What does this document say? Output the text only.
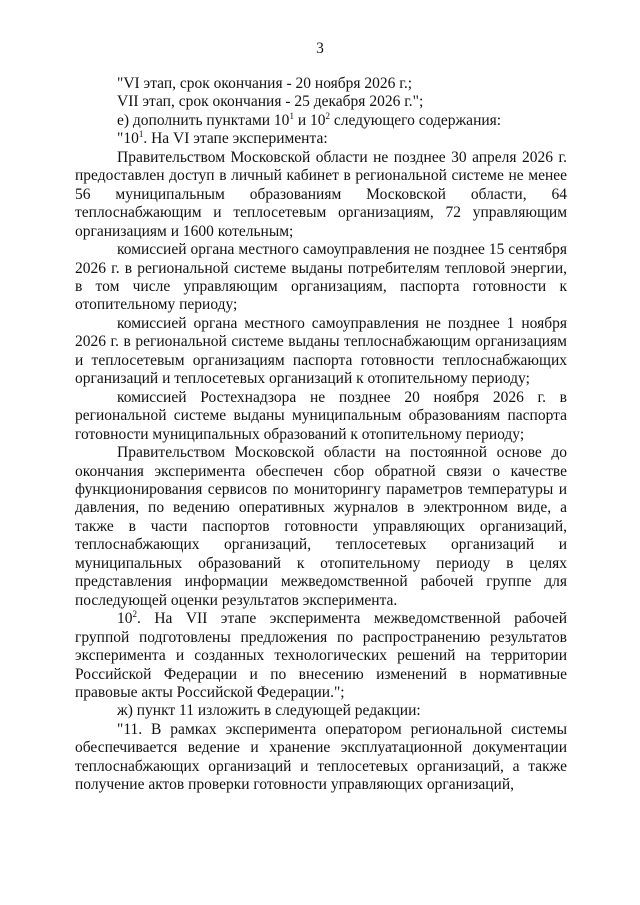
3

"VI этап, срок окончания - 20 ноября 2026 г.;

VII этап, срок окончания - 25 декабря 2026 г.";

е) дополнить пунктами $10^1$ и $10^2$ следующего содержания:

"$10^1$. На VI этапе эксперимента:

Правительством Московской области не позднее 30 апреля 2026 г. предоставлен доступ в личный кабинет в региональной системе не менее 56 муниципальным образованиям Московской области, 64 теплоснабжающим и теплосетевым организациям, 72 управляющим организациям и 1600 котельным;

комиссией органа местного самоуправления не позднее 15 сентября 2026 г. в региональной системе выданы потребителям тепловой энергии, в том числе управляющим организациям, паспорта готовности к отопительному периоду;

комиссией органа местного самоуправления не позднее 1 ноября 2026 г. в региональной системе выданы теплоснабжающим организациям и теплосетевым организациям паспорта готовности теплоснабжающих организаций и теплосетевых организаций к отопительному периоду;

комиссией Ростехнадзора не позднее 20 ноября 2026 г. в региональной системе выданы муниципальным образованиям паспорта готовности муниципальных образований к отопительному периоду;

Правительством Московской области на постоянной основе до окончания эксперимента обеспечен сбор обратной связи о качестве функционирования сервисов по мониторингу параметров температуры и давления, по ведению оперативных журналов в электронном виде, а также в части паспортов готовности управляющих организаций, теплоснабжающих организаций, теплосетевых организаций и муниципальных образований к отопительному периоду в целях представления информации межведомственной рабочей группе для последующей оценки результатов эксперимента.

$10^2$. На VII этапе эксперимента межведомственной рабочей группой подготовлены предложения по распространению результатов эксперимента и созданных технологических решений на территории Российской Федерации и по внесению изменений в нормативные правовые акты Российской Федерации.";

ж) пункт 11 изложить в следующей редакции:

"11. В рамках эксперимента оператором региональной системы обеспечивается ведение и хранение эксплуатационной документации теплоснабжающих организаций и теплосетевых организаций, а также получение актов проверки готовности управляющих организаций,
